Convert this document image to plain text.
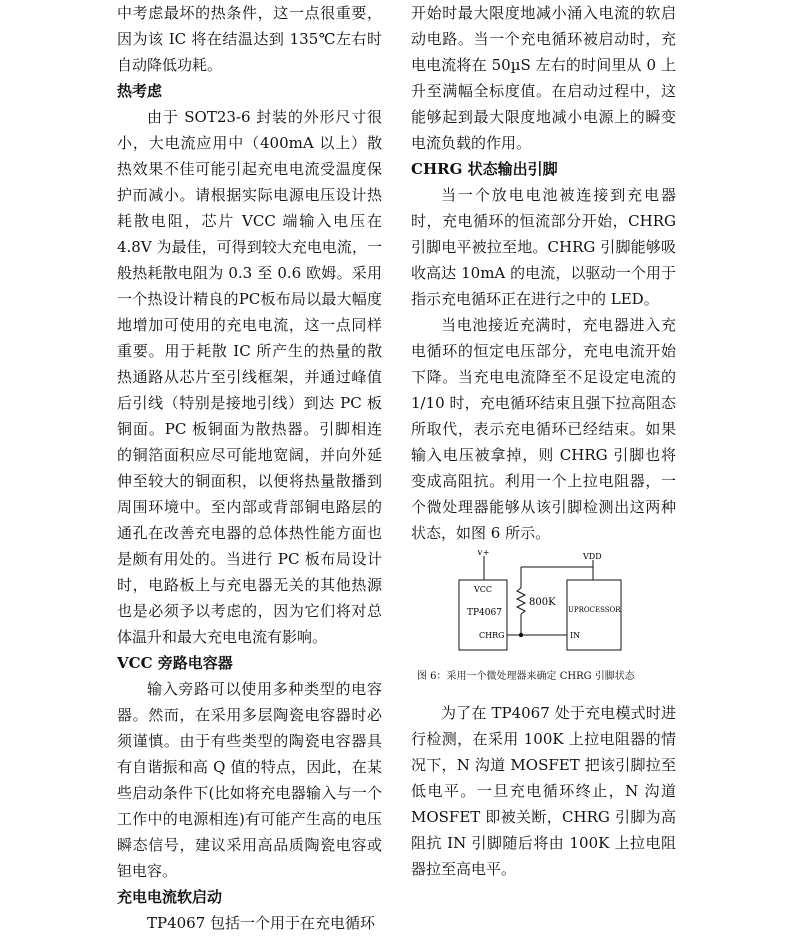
中考虑最坏的热条件，这一点很重要，因为该 IC 将在结温达到 135℃左右时自动降低功耗。

热考虑

由于 SOT23-6 封装的外形尺寸很小，大电流应用中（400mA 以上）散热效果不佳可能引起充电电流受温度保护而减小。请根据实际电源电压设计热耗散电阻，芯片 VCC 端输入电压在 4.8V 为最佳，可得到较大充电电流，一般热耗散电阻为 0.3 至 0.6 欧姆。采用一个热设计精良的PC板布局以最大幅度地增加可使用的充电电流，这一点同样重要。用于耗散 IC 所产生的热量的散热通路从芯片至引线框架，并通过峰值后引线（特别是接地引线）到达 PC 板铜面。PC 板铜面为散热器。引脚相连的铜箔面积应尽可能地宽阔，并向外延伸至较大的铜面积，以便将热量散播到周围环境中。至内部或背部铜电路层的通孔在改善充电器的总体热性能方面也是颇有用处的。当进行 PC 板布局设计时，电路板上与充电器无关的其他热源也是必须予以考虑的，因为它们将对总体温升和最大充电电流有影响。

VCC 旁路电容器

输入旁路可以使用多种类型的电容器。然而，在采用多层陶瓷电容器时必须谨慎。由于有些类型的陶瓷电容器具有自谐振和高 Q 值的特点，因此，在某些启动条件下(比如将充电器输入与一个工作中的电源相连)有可能产生高的电压瞬态信号，建议采用高品质陶瓷电容或钽电容。

充电电流软启动

TP4067 包括一个用于在充电循环

开始时最大限度地减小涌入电流的软启动电路。当一个充电循环被启动时，充电电流将在 50µS 左右的时间里从 0 上升至满幅全标度值。在启动过程中，这能够起到最大限度地减小电源上的瞬变电流负载的作用。

CHRG 状态输出引脚

当一个放电电池被连接到充电器时，充电循环的恒流部分开始，CHRG 引脚电平被拉至地。CHRG 引脚能够吸收高达 10mA 的电流，以驱动一个用于指示充电循环正在进行之中的 LED。

当电池接近充满时，充电器进入充电循环的恒定电压部分，充电电流开始下降。当充电电流降至不足设定电流的 1/10 时，充电循环结束且强下拉高阻态所取代，表示充电循环已经结束。如果输入电压被拿掉，则 CHRG 引脚也将变成高阻抗。利用一个上拉电阻器，一个微处理器能够从该引脚检测出这两种状态，如图 6 所示。

V+	VDD
VCC
TP4067
CHRG
800K
UPROCESSOR
IN
图 6：采用一个微处理器来确定 CHRG 引脚状态

为了在 TP4067 处于充电模式时进行检测，在采用 100K 上拉电阻器的情况下，N 沟道 MOSFET 把该引脚拉至低电平。一旦充电循环终止，N 沟道 MOSFET 即被关断，CHRG 引脚为高阻抗 IN 引脚随后将由 100K 上拉电阻器拉至高电平。
